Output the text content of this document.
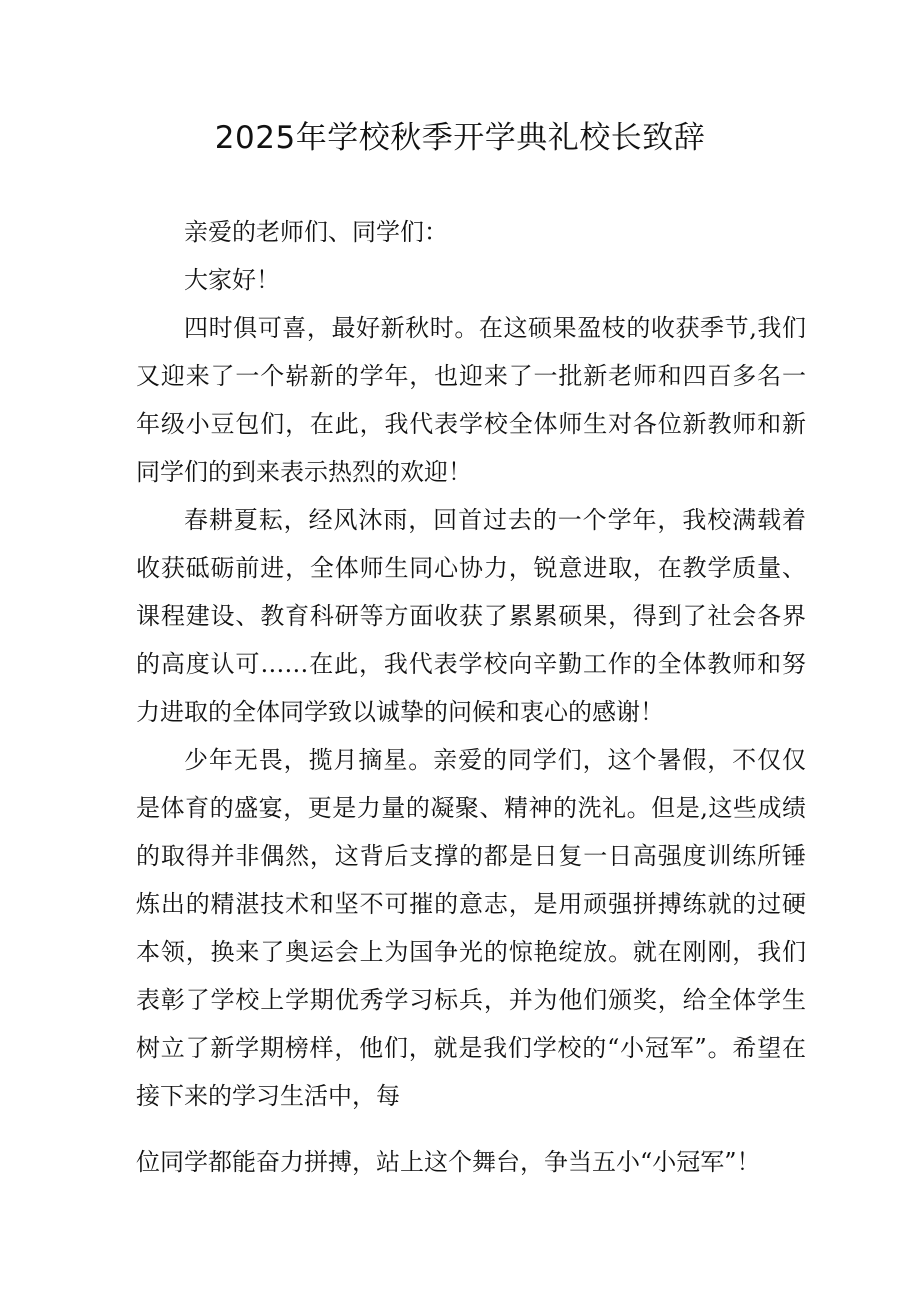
2025年学校秋季开学典礼校长致辞

亲爱的老师们、同学们：

大家好！

四时俱可喜，最好新秋时。在这硕果盈枝的收获季节,我们又迎来了一个崭新的学年，也迎来了一批新老师和四百多名一年级小豆包们，在此，我代表学校全体师生对各位新教师和新同学们的到来表示热烈的欢迎！

春耕夏耘，经风沐雨，回首过去的一个学年，我校满载着收获砥砺前进，全体师生同心协力，锐意进取，在教学质量、课程建设、教育科研等方面收获了累累硕果，得到了社会各界的高度认可……在此，我代表学校向辛勤工作的全体教师和努力进取的全体同学致以诚挚的问候和衷心的感谢！

少年无畏，揽月摘星。亲爱的同学们，这个暑假，不仅仅是体育的盛宴，更是力量的凝聚、精神的洗礼。但是,这些成绩的取得并非偶然，这背后支撑的都是日复一日高强度训练所锤炼出的精湛技术和坚不可摧的意志，是用顽强拼搏练就的过硬本领，换来了奥运会上为国争光的惊艳绽放。就在刚刚，我们表彰了学校上学期优秀学习标兵，并为他们颁奖，给全体学生树立了新学期榜样，他们，就是我们学校的“小冠军”。希望在接下来的学习生活中，每

位同学都能奋力拼搏，站上这个舞台，争当五小“小冠军”！
